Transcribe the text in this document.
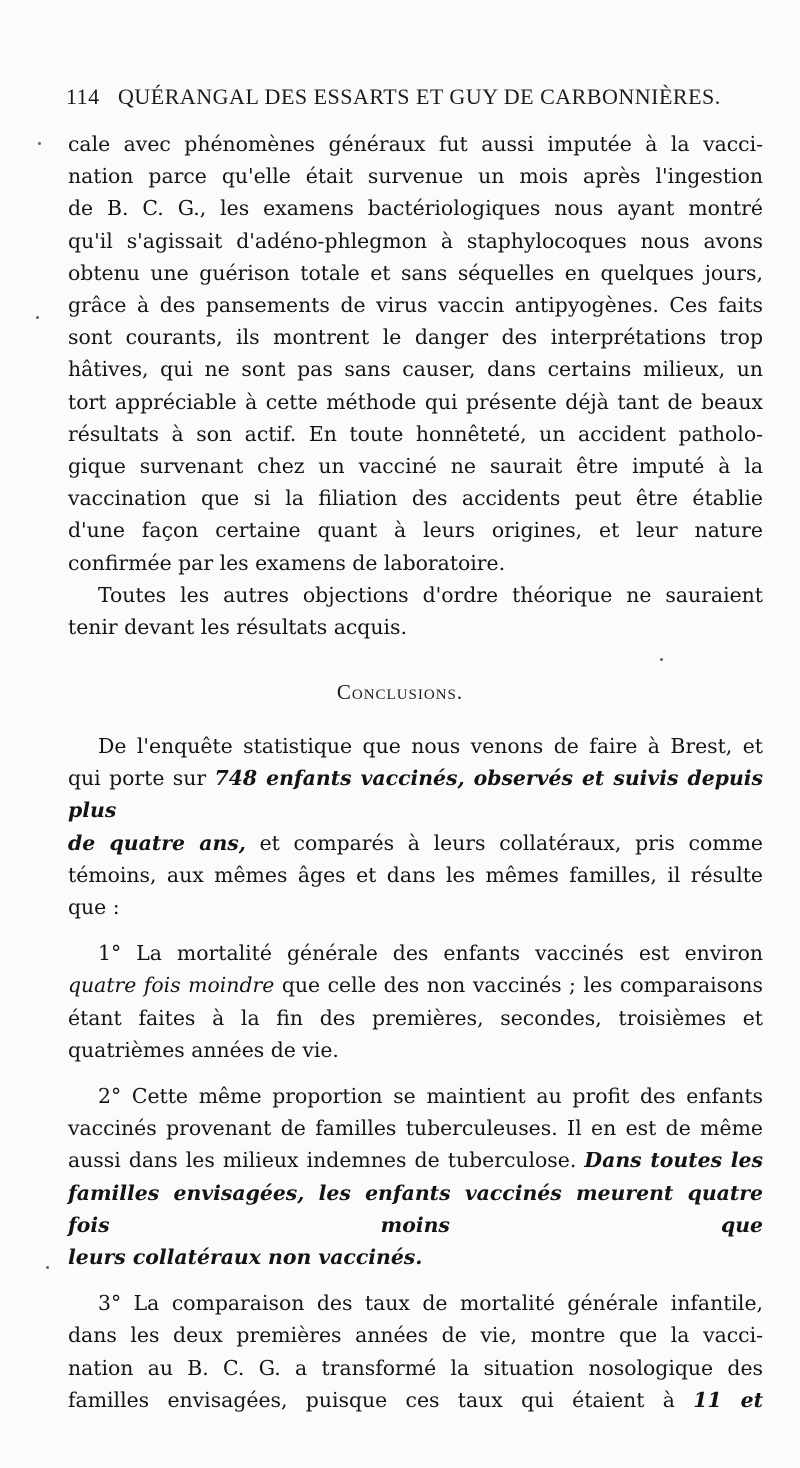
114 QUÉRANGAL DES ESSARTS ET GUY DE CARBONNIÈRES.

cale avec phénomènes généraux fut aussi imputée à la vacci-

nation parce qu'elle était survenue un mois après l'ingestion

de B. C. G., les examens bactériologiques nous ayant montré

qu'il s'agissait d'adéno-phlegmon à staphylocoques nous avons

obtenu une guérison totale et sans séquelles en quelques jours,

grâce à des pansements de virus vaccin antipyogènes. Ces faits

sont courants, ils montrent le danger des interprétations trop

hâtives, qui ne sont pas sans causer, dans certains milieux, un

tort appréciable à cette méthode qui présente déjà tant de beaux

résultats à son actif. En toute honnêteté, un accident patholo-

gique survenant chez un vacciné ne saurait être imputé à la

vaccination que si la filiation des accidents peut être établie

d'une façon certaine quant à leurs origines, et leur nature

confirmée par les examens de laboratoire.

Toutes les autres objections d'ordre théorique ne sauraient

tenir devant les résultats acquis.

Conclusions.

De l'enquête statistique que nous venons de faire à Brest, et

qui porte sur 748 enfants vaccinés, observés et suivis depuis plus

de quatre ans, et comparés à leurs collatéraux, pris comme

témoins, aux mêmes âges et dans les mêmes familles, il résulte

que :

1° La mortalité générale des enfants vaccinés est environ

quatre fois moindre que celle des non vaccinés ; les comparaisons

étant faites à la fin des premières, secondes, troisièmes et

quatrièmes années de vie.

2° Cette même proportion se maintient au profit des enfants

vaccinés provenant de familles tuberculeuses. Il en est de même

aussi dans les milieux indemnes de tuberculose. Dans toutes les

familles envisagées, les enfants vaccinés meurent quatre fois moins que

leurs collatéraux non vaccinés.

3° La comparaison des taux de mortalité générale infantile,

dans les deux premières années de vie, montre que la vacci-

nation au B. C. G. a transformé la situation nosologique des

familles envisagées, puisque ces taux qui étaient à 11 et
